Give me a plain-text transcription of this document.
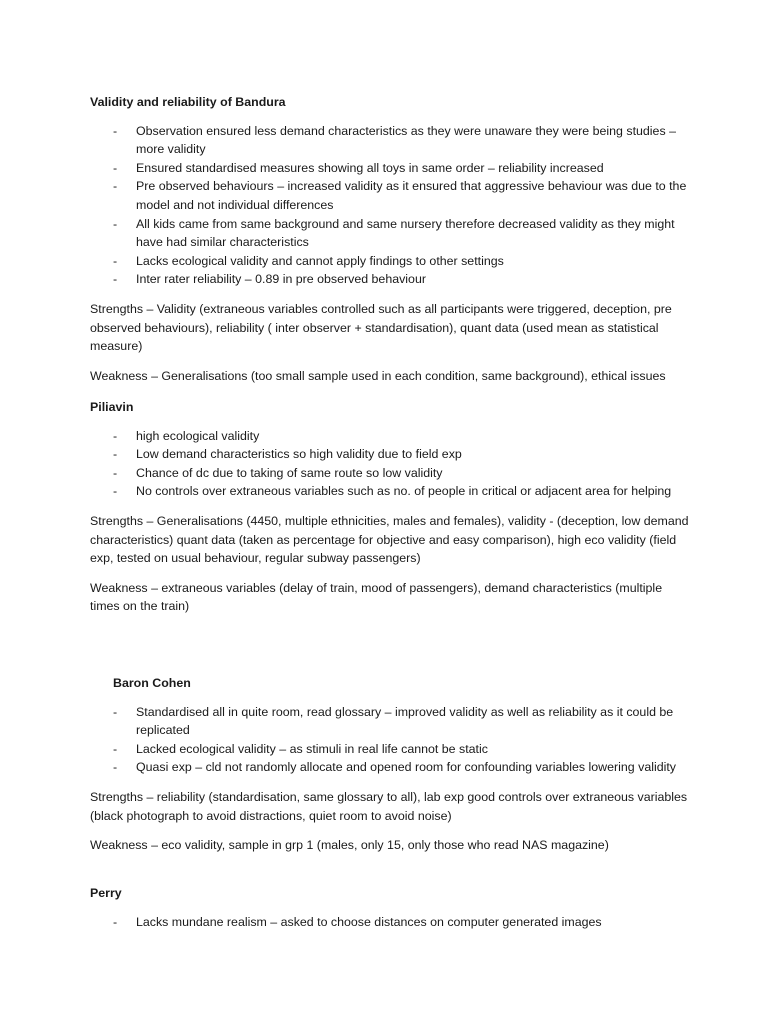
Validity and reliability of Bandura

- Observation ensured less demand characteristics as they were unaware they were being studies – more validity
- Ensured standardised measures showing all toys in same order – reliability increased
- Pre observed behaviours – increased validity as it ensured that aggressive behaviour was due to the model and not individual differences
- All kids came from same background and same nursery therefore decreased validity as they might have had similar characteristics
- Lacks ecological validity and cannot apply findings to other settings
- Inter rater reliability – 0.89 in pre observed behaviour

Strengths – Validity (extraneous variables controlled such as all participants were triggered, deception, pre observed behaviours), reliability ( inter observer + standardisation), quant data (used mean as statistical measure)

Weakness – Generalisations (too small sample used in each condition, same background), ethical issues

Piliavin

- high ecological validity
- Low demand characteristics so high validity due to field exp
- Chance of dc due to taking of same route so low validity
- No controls over extraneous variables such as no. of people in critical or adjacent area for helping

Strengths – Generalisations (4450, multiple ethnicities, males and females), validity - (deception, low demand characteristics) quant data (taken as percentage for objective and easy comparison), high eco validity (field exp, tested on usual behaviour, regular subway passengers)

Weakness – extraneous variables (delay of train, mood of passengers), demand characteristics (multiple times on the train)

Baron Cohen

- Standardised all in quite room, read glossary – improved validity as well as reliability as it could be replicated
- Lacked ecological validity – as stimuli in real life cannot be static
- Quasi exp – cld not randomly allocate and opened room for confounding variables lowering validity

Strengths – reliability (standardisation, same glossary to all), lab exp good controls over extraneous variables (black photograph to avoid distractions, quiet room to avoid noise)

Weakness – eco validity, sample in grp 1 (males, only 15, only those who read NAS magazine)

Perry

- Lacks mundane realism – asked to choose distances on computer generated images
